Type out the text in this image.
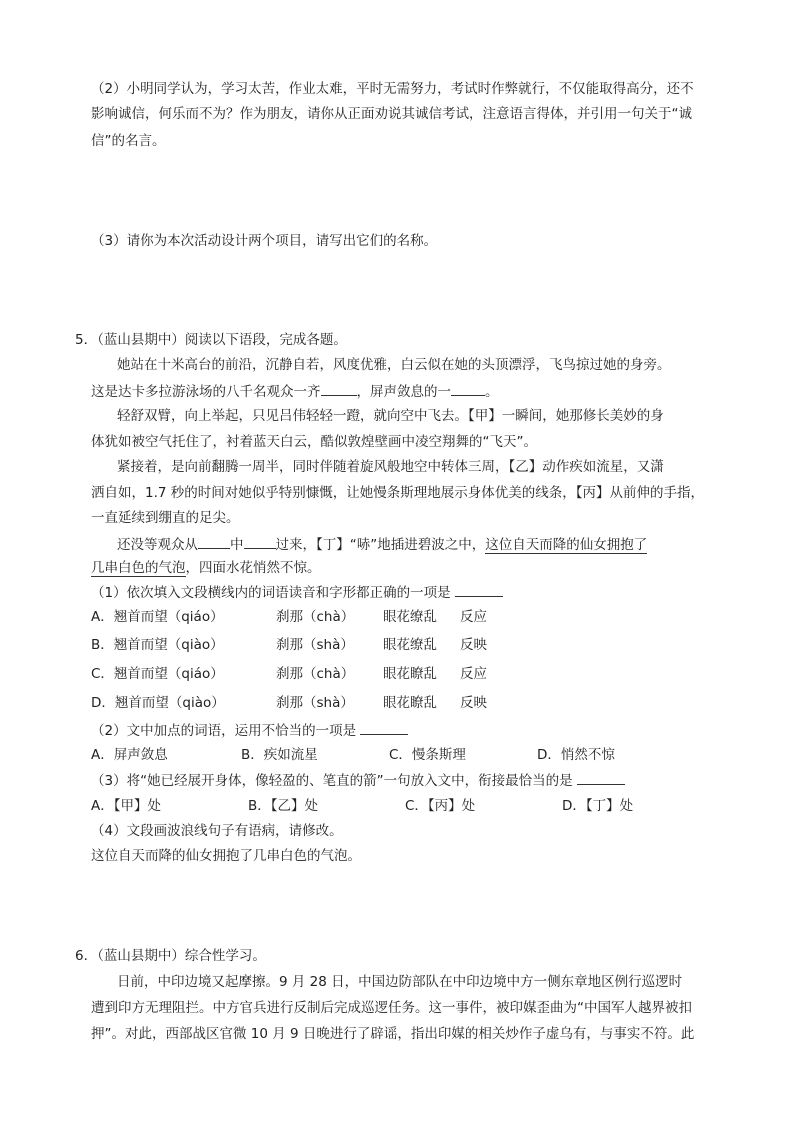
（2）小明同学认为，学习太苦，作业太难，平时无需努力，考试时作弊就行，不仅能取得高分，还不
影响诚信，何乐而不为？作为朋友，请你从正面劝说其诚信考试，注意语言得体，并引用一句关于“诚
信”的名言。
（3）请你为本次活动设计两个项目，请写出它们的名称。
5．（蓝山县期中）阅读以下语段，完成各题。
她站在十米高台的前沿，沉静自若，风度优雅，白云似在她的头顶漂浮，飞鸟掠过她的身旁。
这是达卡多拉游泳场的八千名观众一齐	，屏声敛息的一	。
轻舒双臂，向上举起，只见吕伟轻轻一蹬，就向空中飞去。【甲】一瞬间，她那修长美妙的身
体犹如被空气托住了，衬着蓝天白云，酷似敦煌壁画中凌空翔舞的“飞天”。
紧接着，是向前翻腾一周半，同时伴随着旋风般地空中转体三周，【乙】动作疾如流星，又潇
洒自如，1.7 秒的时间对她似乎特别慷慨，让她慢条斯理地展示身体优美的线条，【丙】从前伸的手指，
一直延续到绷直的足尖。
还没等观众从 中 过来，【丁】“哧”地插进碧波之中，这位自天而降的仙女拥抱了
几串白色的气泡，四面水花悄然不惊。
（1）依次填入文段横线内的词语读音和字形都正确的一项是
A．翘首而望（qiáo）	刹那（chà） 眼花缭乱 反应
B．翘首而望（qiào）	刹那（shà） 眼花缭乱 反映
C．翘首而望（qiáo）	刹那（chà） 眼花瞭乱 反应
D．翘首而望（qiào）	刹那（shà） 眼花瞭乱 反映
（2）文中加点的词语，运用不恰当的一项是
A．屏声敛息	B．疾如流星	C．慢条斯理	D．悄然不惊
（3）将“她已经展开身体，像轻盈的、笔直的箭”一句放入文中，衔接最恰当的是
A．【甲】处	B．【乙】处	C．【丙】处	D．【丁】处
（4）文段画波浪线句子有语病，请修改。
这位自天而降的仙女拥抱了几串白色的气泡。
6．（蓝山县期中）综合性学习。
日前，中印边境又起摩擦。9 月 28 日，中国边防部队在中印边境中方一侧东章地区例行巡逻时
遭到印方无理阻拦。中方官兵进行反制后完成巡逻任务。这一事件，被印媒歪曲为“中国军人越界被扣
押”。对此，西部战区官微 10 月 9 日晚进行了辟谣，指出印媒的相关炒作子虚乌有，与事实不符。此
